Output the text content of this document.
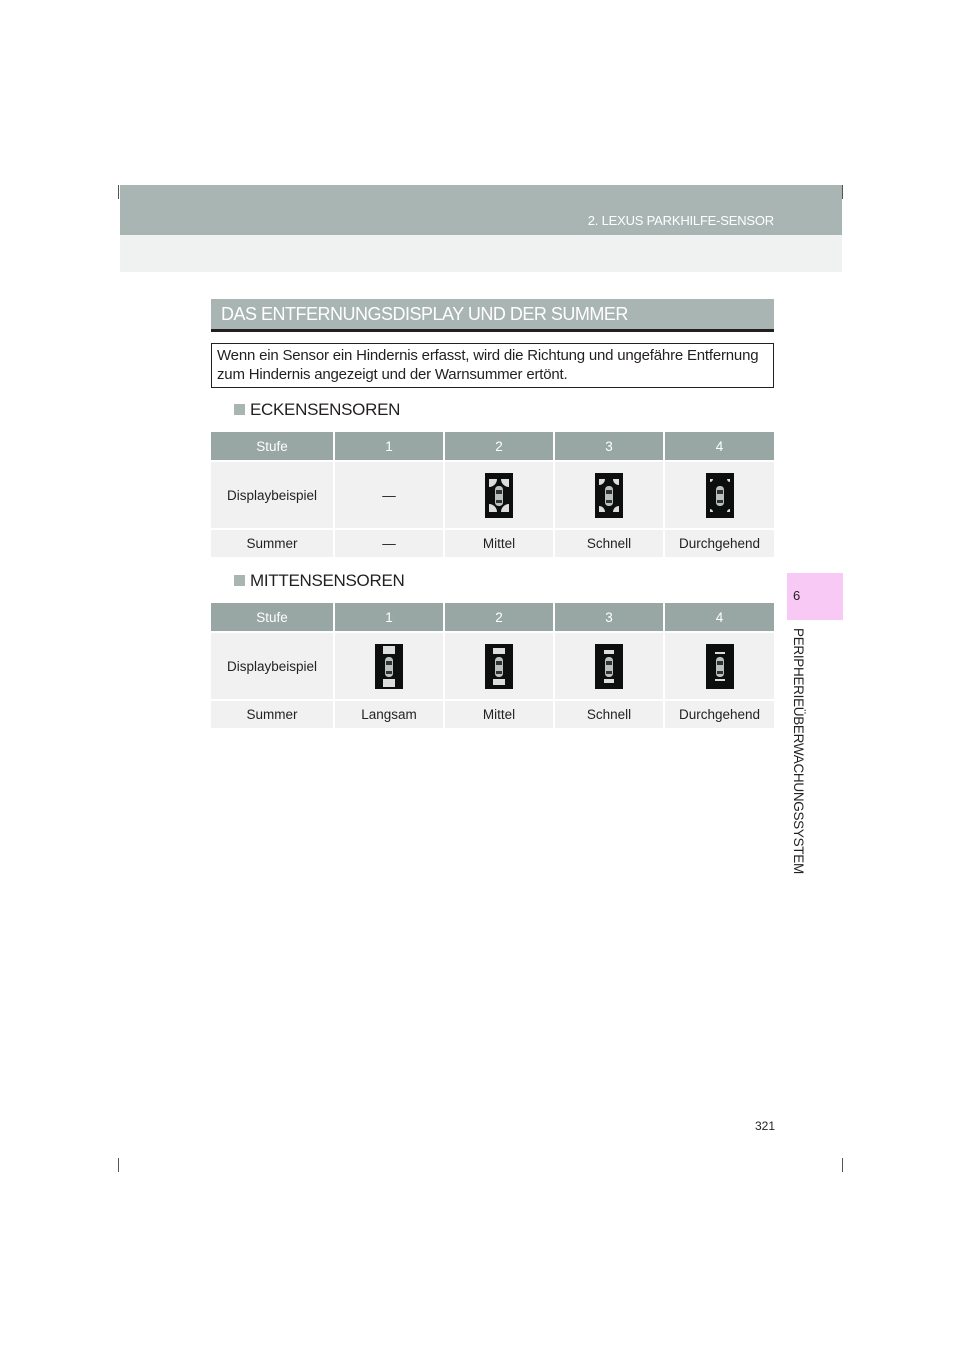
2. LEXUS PARKHILFE-SENSOR
DAS ENTFERNUNGSDISPLAY UND DER SUMMER
Wenn ein Sensor ein Hindernis erfasst, wird die Richtung und ungefähre Entfernung zum Hindernis angezeigt und der Warnsummer ertönt.
ECKENSENSOREN
Stufe	1	2	3	4
Displaybeispiel	—			
Summer	—	Mittel	Schnell	Durchgehend
MITTENSENSOREN
Stufe	1	2	3	4
Displaybeispiel				
Summer	Langsam	Mittel	Schnell	Durchgehend
6
PERIPHERIEÜBERWACHUNGSSYSTEM
321
